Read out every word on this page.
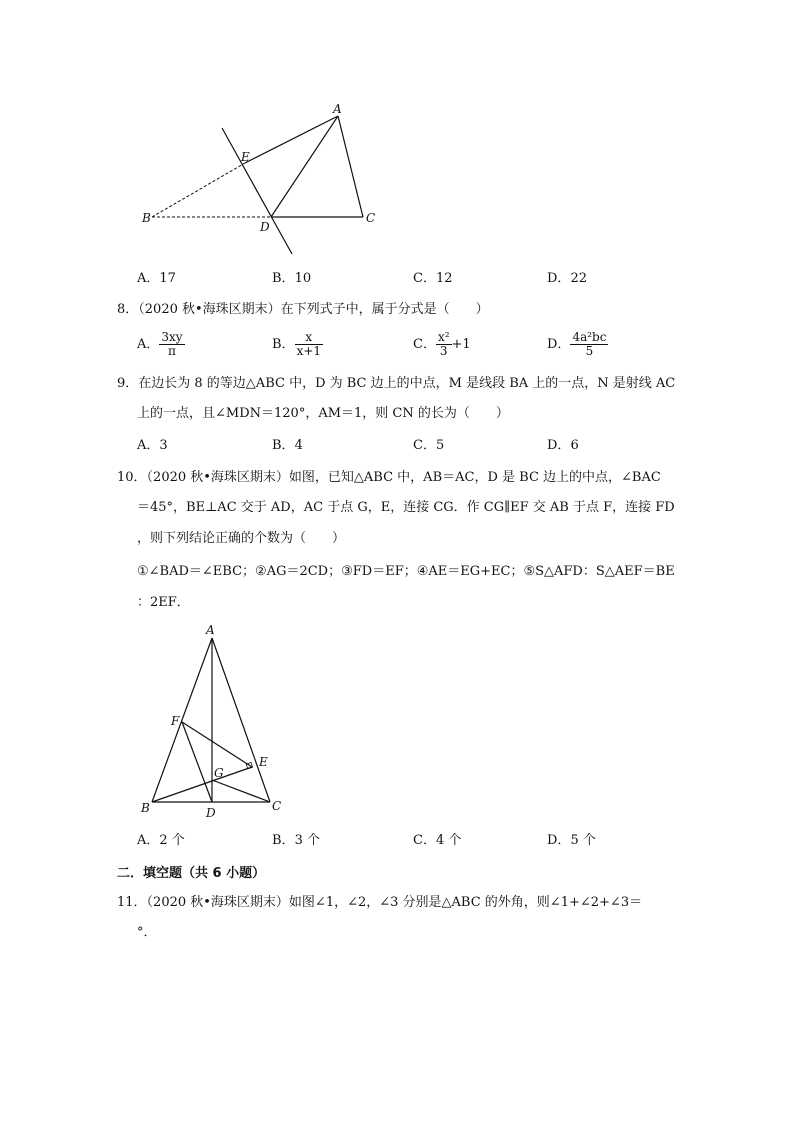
A
E
B
D
C
A．17	B．10	C．12	D．22
8．（2020 秋•海珠区期末）在下列式子中，属于分式是（　　）
A． $\frac{3xy}{\pi}$	B． $\frac{x}{x+1}$	C． $\frac{\text{x²}}{3} +1$	D． $\frac{\text{4a²bc}}{5}$
9．在边长为 8 的等边△ABC 中，D 为 BC 边上的中点，M 是线段 BA 上的一点，N 是射线 AC
上的一点，且∠MDN＝120°，AM＝1，则 CN 的长为（　　）
A．3	B．4	C．5	D．6
10．（2020 秋•海珠区期末）如图，已知△ABC 中，AB＝AC，D 是 BC 边上的中点，∠BAC
＝45°，BE⊥AC 交于 AD，AC 于点 G，E，连接 CG．作 CG∥EF 交 AB 于点 F，连接 FD
，则下列结论正确的个数为（　　）
①∠BAD＝∠EBC；②AG＝2CD；③FD＝EF；④AE＝EG+EC；⑤S△AFD：S△AEF＝BE
：2EF．
A
F
E
G
B	D	C
A．2 个	B．3 个	C．4 个	D．5 个
二．填空题（共 6 小题）
11．（2020 秋•海珠区期末）如图∠1，∠2，∠3 分别是△ABC 的外角，则∠1+∠2+∠3＝
°．
